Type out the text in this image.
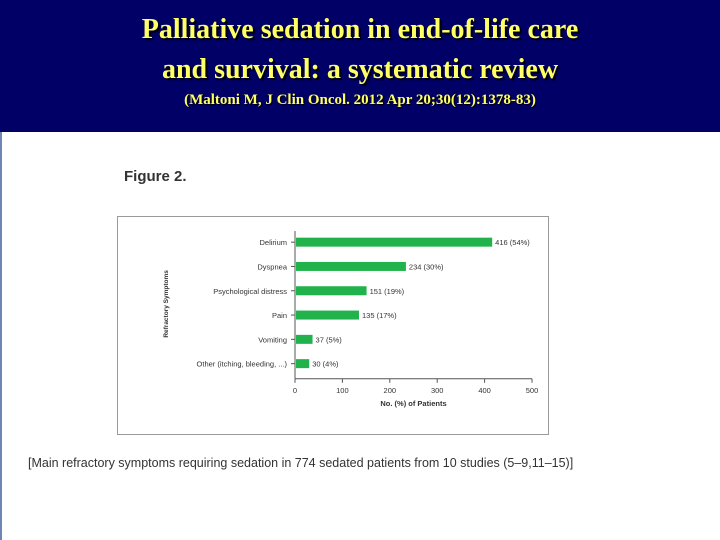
Palliative sedation in end-of-life care
and survival: a systematic review
(Maltoni M, J Clin Oncol. 2012 Apr 20;30(12):1378-83)
Figure 2.
Delirium	416 (54%)
Dyspnea	234 (30%)
Psychological distress	151 (19%)
Pain	135 (17%)
Vomiting	37 (5%)
Other (itching, bleeding, ...)	30 (4%)
0	100	200	300	400	500
No. (%) of Patients
Refractory Symptoms
[Main refractory symptoms requiring sedation in 774 sedated patients from 10 studies (5–9,11–15)]
